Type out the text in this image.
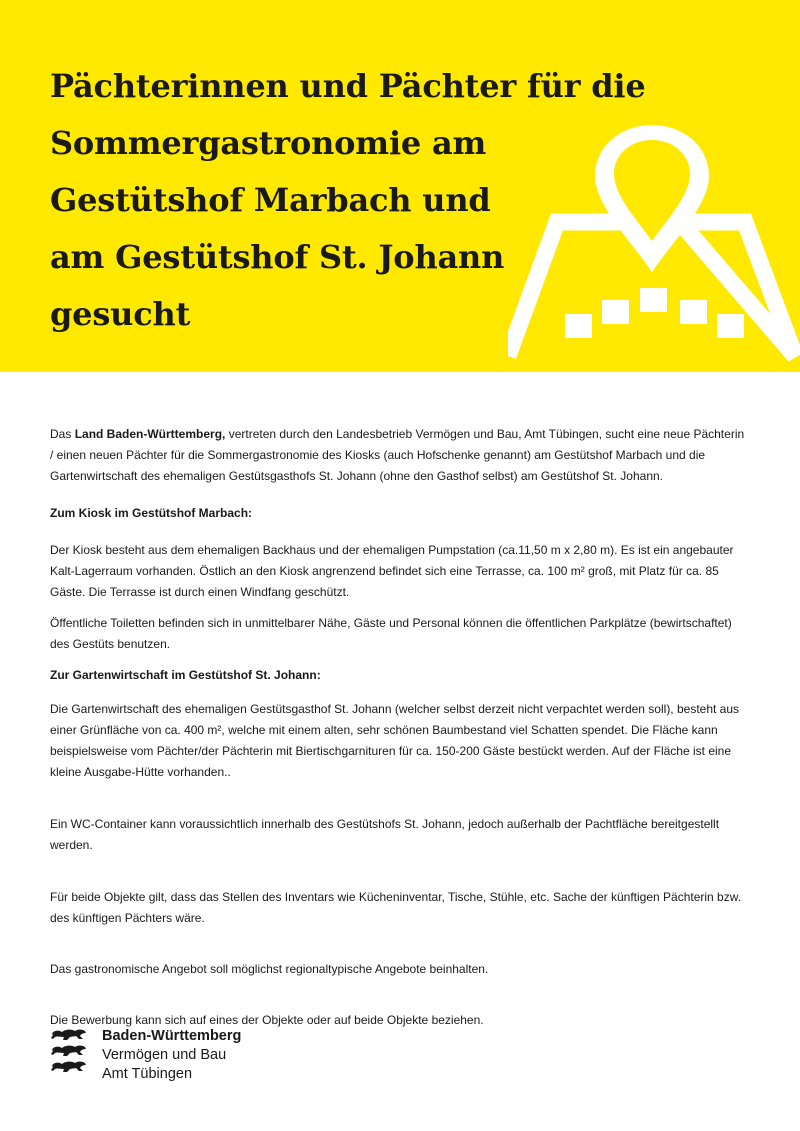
Pächterinnen und Pächter für die
Sommergastronomie am
Gestütshof Marbach und
am Gestütshof St. Johann
gesucht

Das Land Baden-Württemberg, vertreten durch den Landesbetrieb Vermögen und Bau, Amt Tübingen, sucht eine neue Pächterin / einen neuen Pächter für die Sommergastronomie des Kiosks (auch Hofschenke genannt) am Gestütshof Marbach und die Gartenwirtschaft des ehemaligen Gestütsgasthofs St. Johann (ohne den Gasthof selbst) am Gestütshof St. Johann.

Zum Kiosk im Gestütshof Marbach:

Der Kiosk besteht aus dem ehemaligen Backhaus und der ehemaligen Pumpstation (ca.11,50 m x 2,80 m). Es ist ein angebauter Kalt-Lagerraum vorhanden. Östlich an den Kiosk angrenzend befindet sich eine Terrasse, ca. 100 m² groß, mit Platz für ca. 85 Gäste. Die Terrasse ist durch einen Windfang geschützt.

Öffentliche Toiletten befinden sich in unmittelbarer Nähe, Gäste und Personal können die öffentlichen Parkplätze (bewirtschaftet) des Gestüts benutzen.

Zur Gartenwirtschaft im Gestütshof St. Johann:

Die Gartenwirtschaft des ehemaligen Gestütsgasthof St. Johann (welcher selbst derzeit nicht verpachtet werden soll), besteht aus einer Grünfläche von ca. 400 m², welche mit einem alten, sehr schönen Baumbestand viel Schatten spendet. Die Fläche kann beispielsweise vom Pächter/der Pächterin mit Biertischgarnituren für ca. 150-200 Gäste bestückt werden. Auf der Fläche ist eine kleine Ausgabe-Hütte vorhanden..

Ein WC-Container kann voraussichtlich innerhalb des Gestütshofs St. Johann, jedoch außerhalb der Pachtfläche bereitgestellt werden.

Für beide Objekte gilt, dass das Stellen des Inventars wie Kücheninventar, Tische, Stühle, etc. Sache der künftigen Pächterin bzw. des künftigen Pächters wäre.

Das gastronomische Angebot soll möglichst regionaltypische Angebote beinhalten.

Die Bewerbung kann sich auf eines der Objekte oder auf beide Objekte beziehen.

Baden-Württemberg
Vermögen und Bau
Amt Tübingen
